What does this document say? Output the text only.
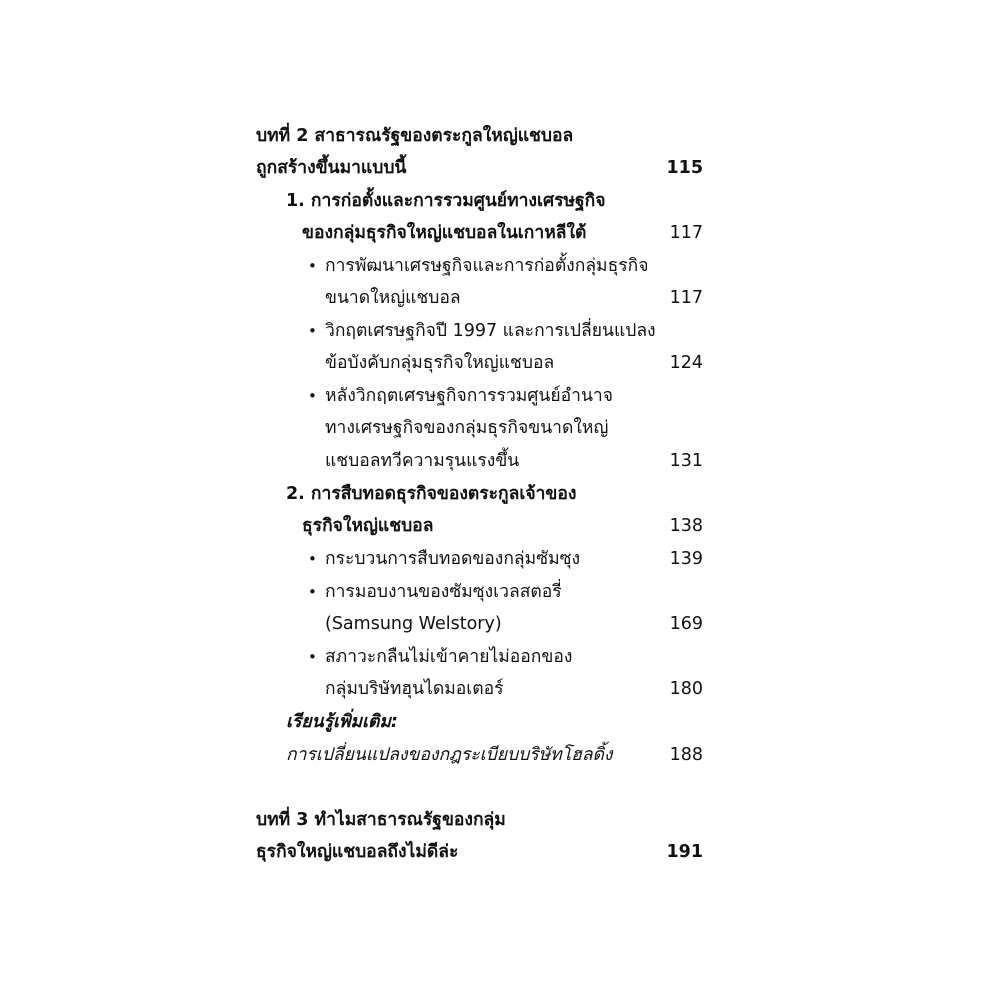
บทที่ 2 สาธารณรัฐของตระกูลใหญ่แชบอล
ถูกสร้างขึ้นมาแบบนี้	115
1. การก่อตั้งและการรวมศูนย์ทางเศรษฐกิจ
ของกลุ่มธุรกิจใหญ่แชบอลในเกาหลีใต้	117
• การพัฒนาเศรษฐกิจและการก่อตั้งกลุ่มธุรกิจ
ขนาดใหญ่แชบอล	117
• วิกฤตเศรษฐกิจปี 1997 และการเปลี่ยนแปลง
ข้อบังคับกลุ่มธุรกิจใหญ่แชบอล	124
• หลังวิกฤตเศรษฐกิจการรวมศูนย์อำนาจ
ทางเศรษฐกิจของกลุ่มธุรกิจขนาดใหญ่
แชบอลทวีความรุนแรงขึ้น	131
2. การสืบทอดธุรกิจของตระกูลเจ้าของ
ธุรกิจใหญ่แชบอล	138
• กระบวนการสืบทอดของกลุ่มซัมซุง	139
• การมอบงานของซัมซุงเวลสตอรี่
(Samsung Welstory)	169
• สภาวะกลืนไม่เข้าคายไม่ออกของ
กลุ่มบริษัทฮุนไดมอเตอร์	180
เรียนรู้เพิ่มเติม:
การเปลี่ยนแปลงของกฎระเบียบบริษัทโฮลดิ้ง	188
บทที่ 3 ทำไมสาธารณรัฐของกลุ่ม
ธุรกิจใหญ่แชบอลถึงไม่ดีล่ะ	191
